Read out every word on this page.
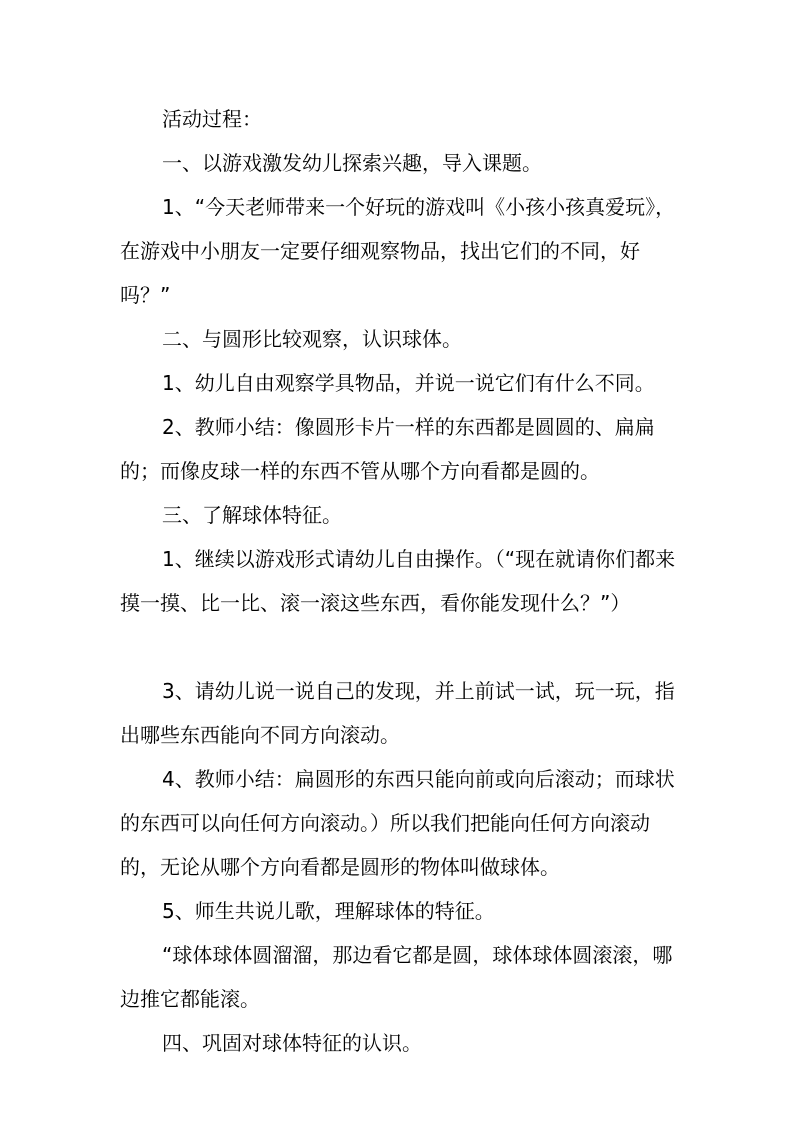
活动过程：

一、以游戏激发幼儿探索兴趣，导入课题。

1、“今天老师带来一个好玩的游戏叫《小孩小孩真爱玩》，在游戏中小朋友一定要仔细观察物品，找出它们的不同，好吗？”

二、与圆形比较观察，认识球体。

1、幼儿自由观察学具物品，并说一说它们有什么不同。

2、教师小结：像圆形卡片一样的东西都是圆圆的、扁扁的；而像皮球一样的东西不管从哪个方向看都是圆的。

三、了解球体特征。

1、继续以游戏形式请幼儿自由操作。（“现在就请你们都来摸一摸、比一比、滚一滚这些东西，看你能发现什么？”）

3、请幼儿说一说自己的发现，并上前试一试，玩一玩，指出哪些东西能向不同方向滚动。

4、教师小结：扁圆形的东西只能向前或向后滚动；而球状的东西可以向任何方向滚动。）所以我们把能向任何方向滚动的，无论从哪个方向看都是圆形的物体叫做球体。

5、师生共说儿歌，理解球体的特征。

“球体球体圆溜溜，那边看它都是圆，球体球体圆滚滚，哪边推它都能滚。

四、巩固对球体特征的认识。
